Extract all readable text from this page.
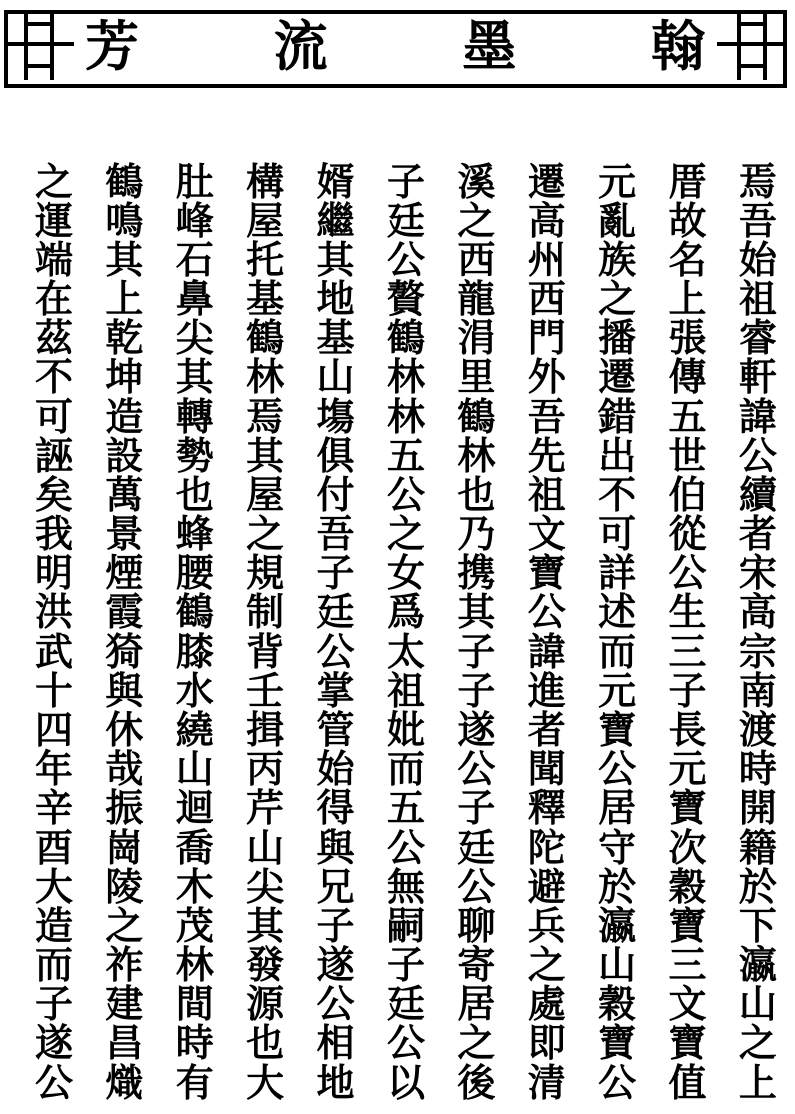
芳 流 墨 翰
焉
吾
始
祖
睿
軒
諱
公
續
者
宋
高
宗
南
渡
時
開
籍
於
下
瀛
山
之
上
厝
故
名
上
張
傳
五
世
伯
從
公
生
三
子
長
元
寶
次
穀
寶
三
文
寶
值
元
亂
族
之
播
遷
錯
出
不
可
詳
述
而
元
寶
公
居
守
於
瀛
山
穀
寶
公
遷
高
州
西
門
外
吾
先
祖
文
寶
公
諱
進
者
聞
釋
陀
避
兵
之
處
即
清
溪
之
西
龍
涓
里
鶴
林
也
乃
携
其
子
子
遂
公
子
廷
公
聊
寄
居
之
後
子
廷
公
贅
鶴
林
林
五
公
之
女
爲
太
祖
妣
而
五
公
無
嗣
子
廷
公
以
婿
繼
其
地
基
山
塲
俱
付
吾
子
廷
公
掌
管
始
得
與
兄
子
遂
公
相
地
構
屋
托
基
鶴
林
焉
其
屋
之
規
制
背
壬
揖
丙
芹
山
尖
其
發
源
也
大
肚
峰
石
鼻
尖
其
轉
勢
也
蜂
腰
鶴
膝
水
繞
山
迴
喬
木
茂
林
間
時
有
鶴
鳴
其
上
乾
坤
造
設
萬
景
煙
霞
猗
與
休
哉
振
崗
陵
之
祚
建
昌
熾
之
運
端
在
茲
不
可
誣
矣
我
明
洪
武
十
四
年
辛
酉
大
造
而
子
遂
公
